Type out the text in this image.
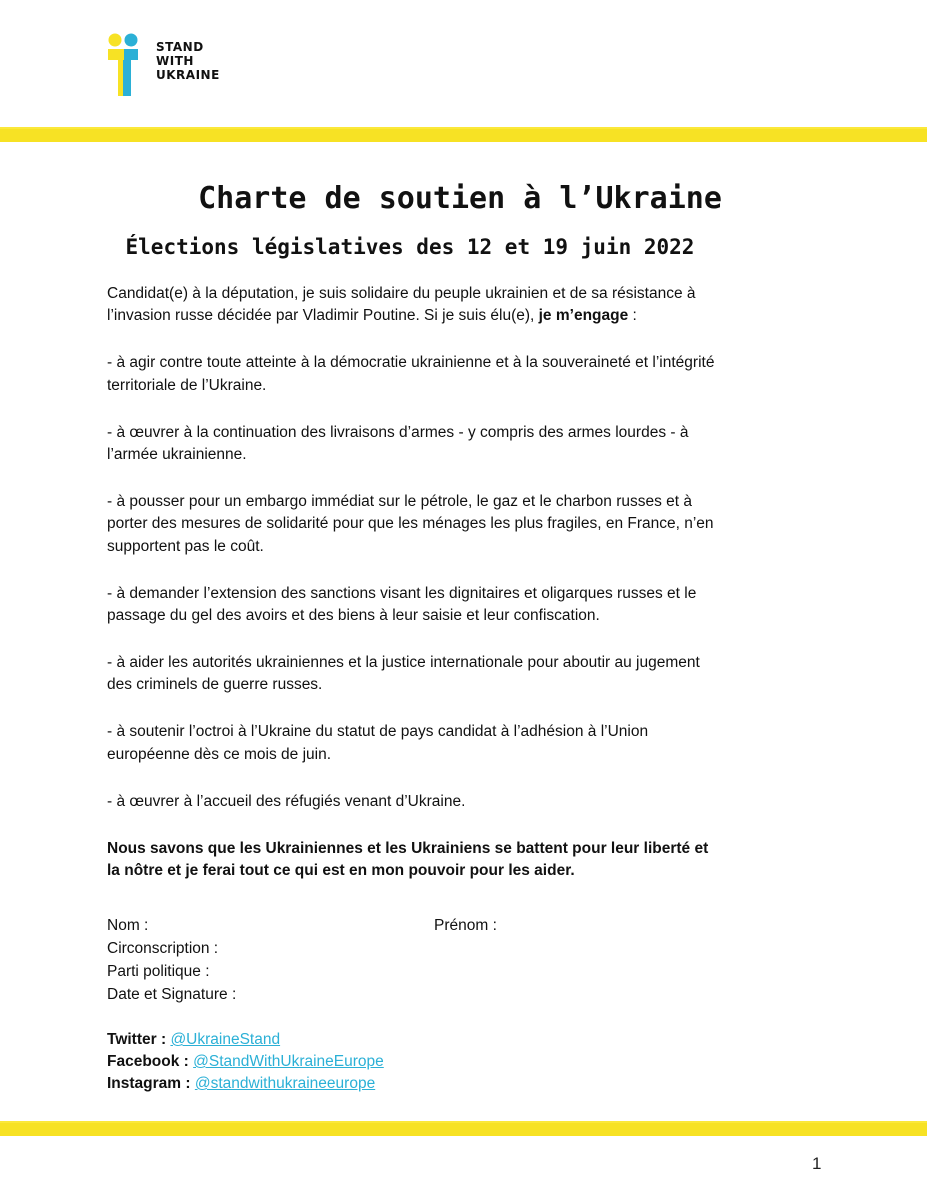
STAND
WITH
UKRAINE
Charte de soutien à l’Ukraine
Élections législatives des 12 et 19 juin 2022

Candidat(e) à la députation, je suis solidaire du peuple ukrainien et de sa résistance à l’invasion russe décidée par Vladimir Poutine. Si je suis élu(e), je m’engage :

- à agir contre toute atteinte à la démocratie ukrainienne et à la souveraineté et l’intégrité territoriale de l’Ukraine.

- à œuvrer à la continuation des livraisons d’armes - y compris des armes lourdes - à l’armée ukrainienne.

- à pousser pour un embargo immédiat sur le pétrole, le gaz et le charbon russes et à porter des mesures de solidarité pour que les ménages les plus fragiles, en France, n’en supportent pas le coût.

- à demander l’extension des sanctions visant les dignitaires et oligarques russes et le passage du gel des avoirs et des biens à leur saisie et leur confiscation.

- à aider les autorités ukrainiennes et la justice internationale pour aboutir au jugement des criminels de guerre russes.

- à soutenir l’octroi à l’Ukraine du statut de pays candidat à l’adhésion à l’Union européenne dès ce mois de juin.

- à œuvrer à l’accueil des réfugiés venant d’Ukraine.

Nous savons que les Ukrainiennes et les Ukrainiens se battent pour leur liberté et la nôtre et je ferai tout ce qui est en mon pouvoir pour les aider.

Nom :	Prénom :
Circonscription :
Parti politique :
Date et Signature :
Twitter : @UkraineStand
Facebook : @StandWithUkraineEurope
Instagram : @standwithukraineeurope
1
